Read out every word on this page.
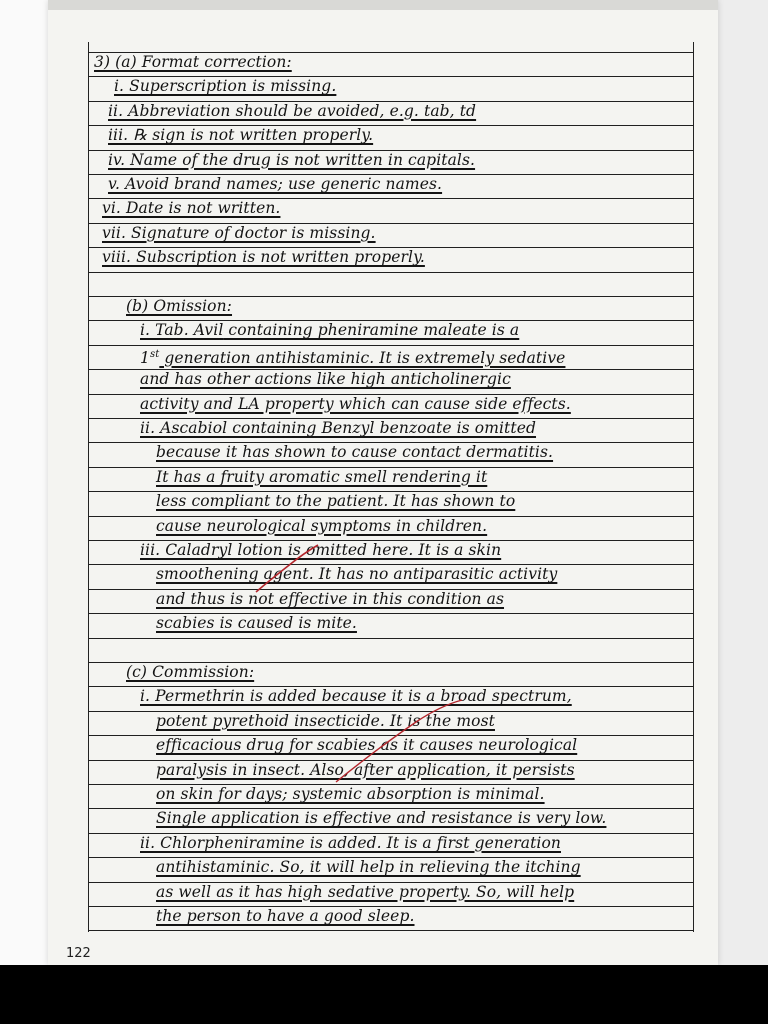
3) (a) Format correction:
i. Superscription is missing.
ii. Abbreviation should be avoided, e.g. tab, td
iii. ℞ sign is not written properly.
iv. Name of the drug is not written in capitals.
v. Avoid brand names; use generic names.
vi. Date is not written.
vii. Signature of doctor is missing.
viii. Subscription is not written properly.
(b) Omission:
i. Tab. Avil containing pheniramine maleate is a
1st generation antihistaminic. It is extremely sedative
and has other actions like high anticholinergic
activity and LA property which can cause side effects.
ii. Ascabiol containing Benzyl benzoate is omitted
because it has shown to cause contact dermatitis.
It has a fruity aromatic smell rendering it
less compliant to the patient. It has shown to
cause neurological symptoms in children.
iii. Caladryl lotion is omitted here. It is a skin
smoothening agent. It has no antiparasitic activity
and thus is not effective in this condition as
scabies is caused is mite.
(c) Commission:
i. Permethrin is added because it is a broad spectrum,
potent pyrethoid insecticide. It is the most
efficacious drug for scabies as it causes neurological
paralysis in insect. Also, after application, it persists
on skin for days; systemic absorption is minimal.
Single application is effective and resistance is very low.
ii. Chlorpheniramine is added. It is a first generation
antihistaminic. So, it will help in relieving the itching
as well as it has high sedative property. So, will help
the person to have a good sleep.
122
